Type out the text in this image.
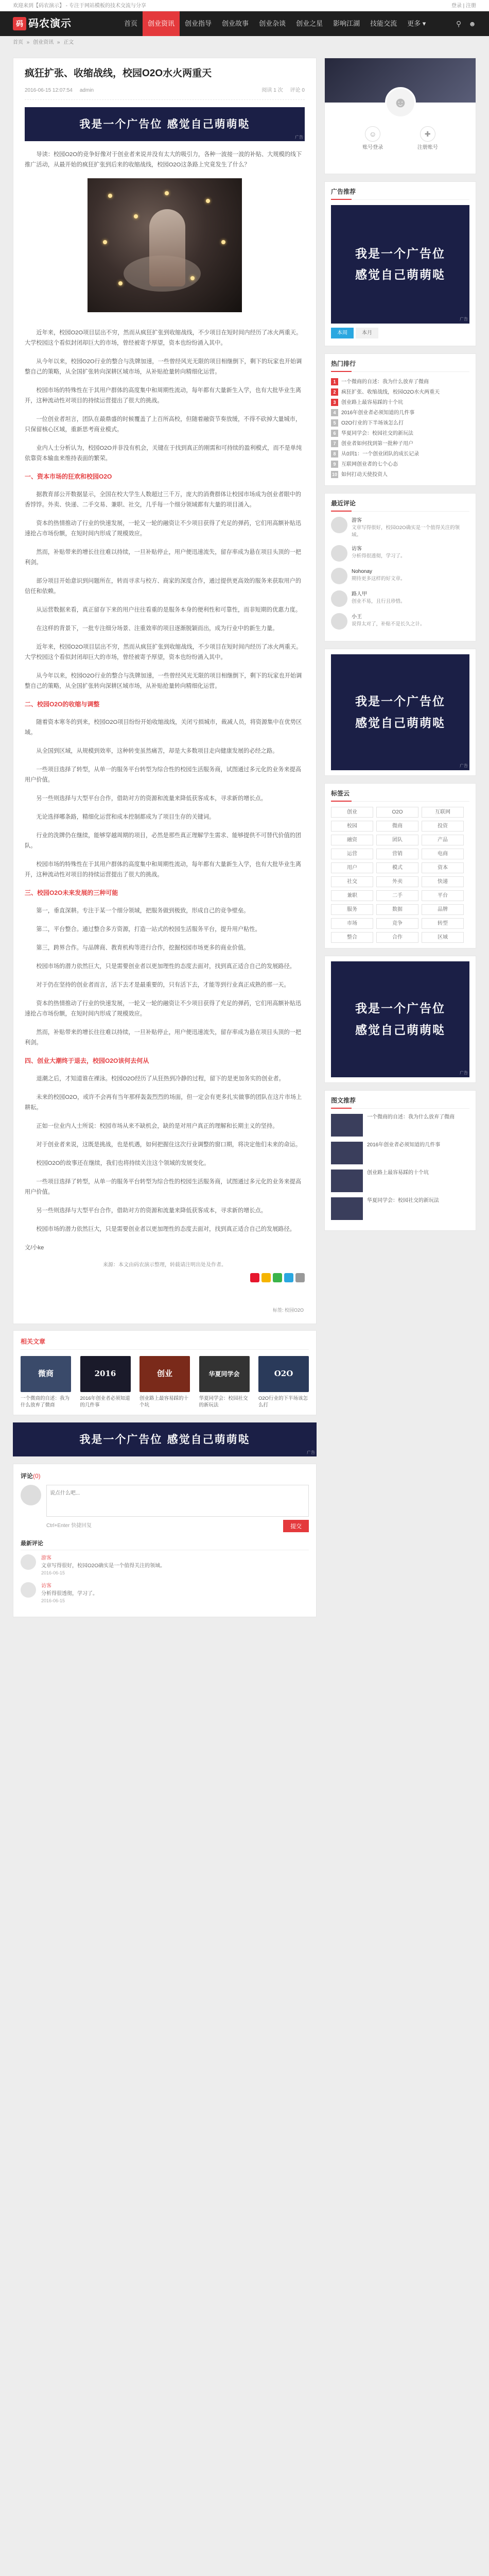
欢迎来到【码农演示】 - 专注于网站模板的技术交流与分享	登录 | 注册
码 码农演示	首页	创业资讯	创业指导	创业故事	创业杂谈	创业之星	影响江湖	技能交流	更多 ▾	⚲ ☻
首页 » 创业资讯 » 正文
疯狂扩张、收缩战线，校园O2O水火两重天
2016-06-15 12:07:54 admin	阅读 1 次 评论 0
我是一个广告位 感觉自己萌萌哒
广告

导读：校园O2O的竞争好像对于创业者来说并没有太大的吸引力，各种一波接一波的补贴、大规模的线下推广活动，从最开始的疯狂扩张到后来的收缩战线，校园O2O这条路上究竟发生了什么？

近年来，校园O2O项目层出不穷，然而从疯狂扩张到收缩战线，不少项目在短时间内经历了冰火两重天。大学校园这个看似封闭却巨大的市场，曾经被寄予厚望，资本也纷纷涌入其中。

从今年以来，校园O2O行业的整合与洗牌加速，一些曾经风光无限的项目相继倒下，剩下的玩家也开始调整自己的策略，从全国扩张转向深耕区域市场，从补贴抢量转向精细化运营。

校园市场的特殊性在于其用户群体的高度集中和周期性流动，每年都有大量新生入学，也有大批毕业生离开，这种流动性对项目的持续运营提出了很大的挑战。

一位创业者坦言，团队在最鼎盛的时候覆盖了上百所高校，但随着融资节奏放缓，不得不砍掉大量城市，只保留核心区域，重新思考商业模式。

业内人士分析认为，校园O2O并非没有机会，关键在于找到真正的刚需和可持续的盈利模式，而不是单纯依靠资本输血来维持表面的繁荣。

一、资本市场的狂欢和校园O2O

据教育部公开数据显示，全国在校大学生人数超过三千万，庞大的消费群体让校园市场成为创业者眼中的香饽饽。外卖、快递、二手交易、兼职、社交，几乎每一个细分领域都有大量的项目涌入。

资本的热情推动了行业的快速发展，一轮又一轮的融资让不少项目获得了充足的弹药，它们用高额补贴迅速抢占市场份额，在短时间内形成了规模效应。

然而，补贴带来的增长往往难以持续，一旦补贴停止，用户便迅速流失，留存率成为悬在项目头顶的一把利剑。

部分项目开始意识到问题所在，转而寻求与校方、商家的深度合作，通过提供更高效的服务来获取用户的信任和依赖。

从运营数据来看，真正留存下来的用户往往看重的是服务本身的便利性和可靠性，而非短期的优惠力度。

在这样的背景下，一批专注细分场景、注重效率的项目逐渐脱颖而出，成为行业中的新生力量。

近年来，校园O2O项目层出不穷，然而从疯狂扩张到收缩战线，不少项目在短时间内经历了冰火两重天。大学校园这个看似封闭却巨大的市场，曾经被寄予厚望，资本也纷纷涌入其中。

从今年以来，校园O2O行业的整合与洗牌加速，一些曾经风光无限的项目相继倒下，剩下的玩家也开始调整自己的策略，从全国扩张转向深耕区域市场，从补贴抢量转向精细化运营。

二、校园O2O的收缩与调整

随着资本寒冬的到来，校园O2O项目纷纷开始收缩战线，关闭亏损城市，裁减人员，将资源集中在优势区域。

从全国到区域，从规模到效率，这种转变虽然痛苦，却是大多数项目走向健康发展的必经之路。

一些项目选择了转型，从单一的服务平台转型为综合性的校园生活服务商，试图通过多元化的业务来提高用户价值。

另一些则选择与大型平台合作，借助对方的资源和流量来降低获客成本，寻求新的增长点。

无论选择哪条路，精细化运营和成本控制都成为了项目生存的关键词。

行业的洗牌仍在继续，能够穿越周期的项目，必然是那些真正理解学生需求、能够提供不可替代价值的团队。

校园市场的特殊性在于其用户群体的高度集中和周期性流动，每年都有大量新生入学，也有大批毕业生离开，这种流动性对项目的持续运营提出了很大的挑战。

三、校园O2O未来发展的三种可能

第一，垂直深耕。专注于某一个细分领域，把服务做到极致，形成自己的竞争壁垒。

第二，平台整合。通过整合多方资源，打造一站式的校园生活服务平台，提升用户粘性。

第三，跨界合作。与品牌商、教育机构等进行合作，挖掘校园市场更多的商业价值。

校园市场的潜力依然巨大，只是需要创业者以更加理性的态度去面对，找到真正适合自己的发展路径。

对于仍在坚持的创业者而言，活下去才是最重要的，只有活下去，才能等到行业真正成熟的那一天。

资本的热情推动了行业的快速发展，一轮又一轮的融资让不少项目获得了充足的弹药，它们用高额补贴迅速抢占市场份额，在短时间内形成了规模效应。

然而，补贴带来的增长往往难以持续，一旦补贴停止，用户便迅速流失，留存率成为悬在项目头顶的一把利剑。

四、创业大潮终于退去，校园O2O该何去何从

退潮之后，才知道谁在裸泳。校园O2O经历了从狂热到冷静的过程，留下的是更加务实的创业者。

未来的校园O2O，或许不会再有当年那样轰轰烈烈的场面，但一定会有更多扎实做事的团队在这片市场上耕耘。

正如一位业内人士所说：校园市场从来不缺机会，缺的是对用户真正的理解和长期主义的坚持。

对于创业者来说，这既是挑战，也是机遇，如何把握住这次行业调整的窗口期，将决定他们未来的命运。

校园O2O的故事还在继续，我们也将持续关注这个领域的发展变化。

一些项目选择了转型，从单一的服务平台转型为综合性的校园生活服务商，试图通过多元化的业务来提高用户价值。

另一些则选择与大型平台合作，借助对方的资源和流量来降低获客成本，寻求新的增长点。

校园市场的潜力依然巨大，只是需要创业者以更加理性的态度去面对，找到真正适合自己的发展路径。

文/小ke

来源：本文由码农演示整理，转载请注明出处及作者。

标签: 校园O2O
相关文章
微商
一个微商的自述：我为什么放弃了微商
2016
2016年创业者必须知道的几件事
创业
创业路上最容易踩的十个坑
华夏同学会
华夏同学会：校园社交的新玩法
O2O
O2O行业的下半场该怎么打
我是一个广告位 感觉自己萌萌哒
广告
评论(0)
说点什么吧...
Ctrl+Enter 快捷回复	提交
最新评论
游客
文章写得很好，校园O2O确实是一个值得关注的领域。
2016-06-15
访客
分析得很透彻，学习了。
2016-06-15
☻
☺
账号登录
✚
注册账号
广告推荐
我是一个广告位
感觉自己萌萌哒
广告
本周	本月
热门排行
1 一个微商的自述：我为什么放弃了微商
2 疯狂扩张、收缩战线，校园O2O水火两重天
3 创业路上最容易踩的十个坑
4 2016年创业者必须知道的几件事
5 O2O行业的下半场该怎么打
6 华夏同学会：校园社交的新玩法
7 创业者如何找到第一批种子用户
8 从0到1：一个创业团队的成长记录
9 互联网创业者的七个心态
10 如何打动天使投资人
最近评论
游客
文章写得很好，校园O2O确实是一个值得关注的领域。
访客
分析得很透彻，学习了。
Nohonay
期待更多这样的好文章。
路人甲
创业不易，且行且珍惜。
小王
说得太对了，补贴不是长久之计。
我是一个广告位
感觉自己萌萌哒
广告
标签云
创业	O2O	互联网
校园	微商	投资
融资	团队	产品
运营	营销	电商
用户	模式	资本
社交	外卖	快递
兼职	二手	平台
服务	数据	品牌
市场	竞争	转型
整合	合作	区域
我是一个广告位
感觉自己萌萌哒
广告
图文推荐
一个微商的自述：我为什么放弃了微商
2016年创业者必须知道的几件事
创业路上最容易踩的十个坑
华夏同学会：校园社交的新玩法
